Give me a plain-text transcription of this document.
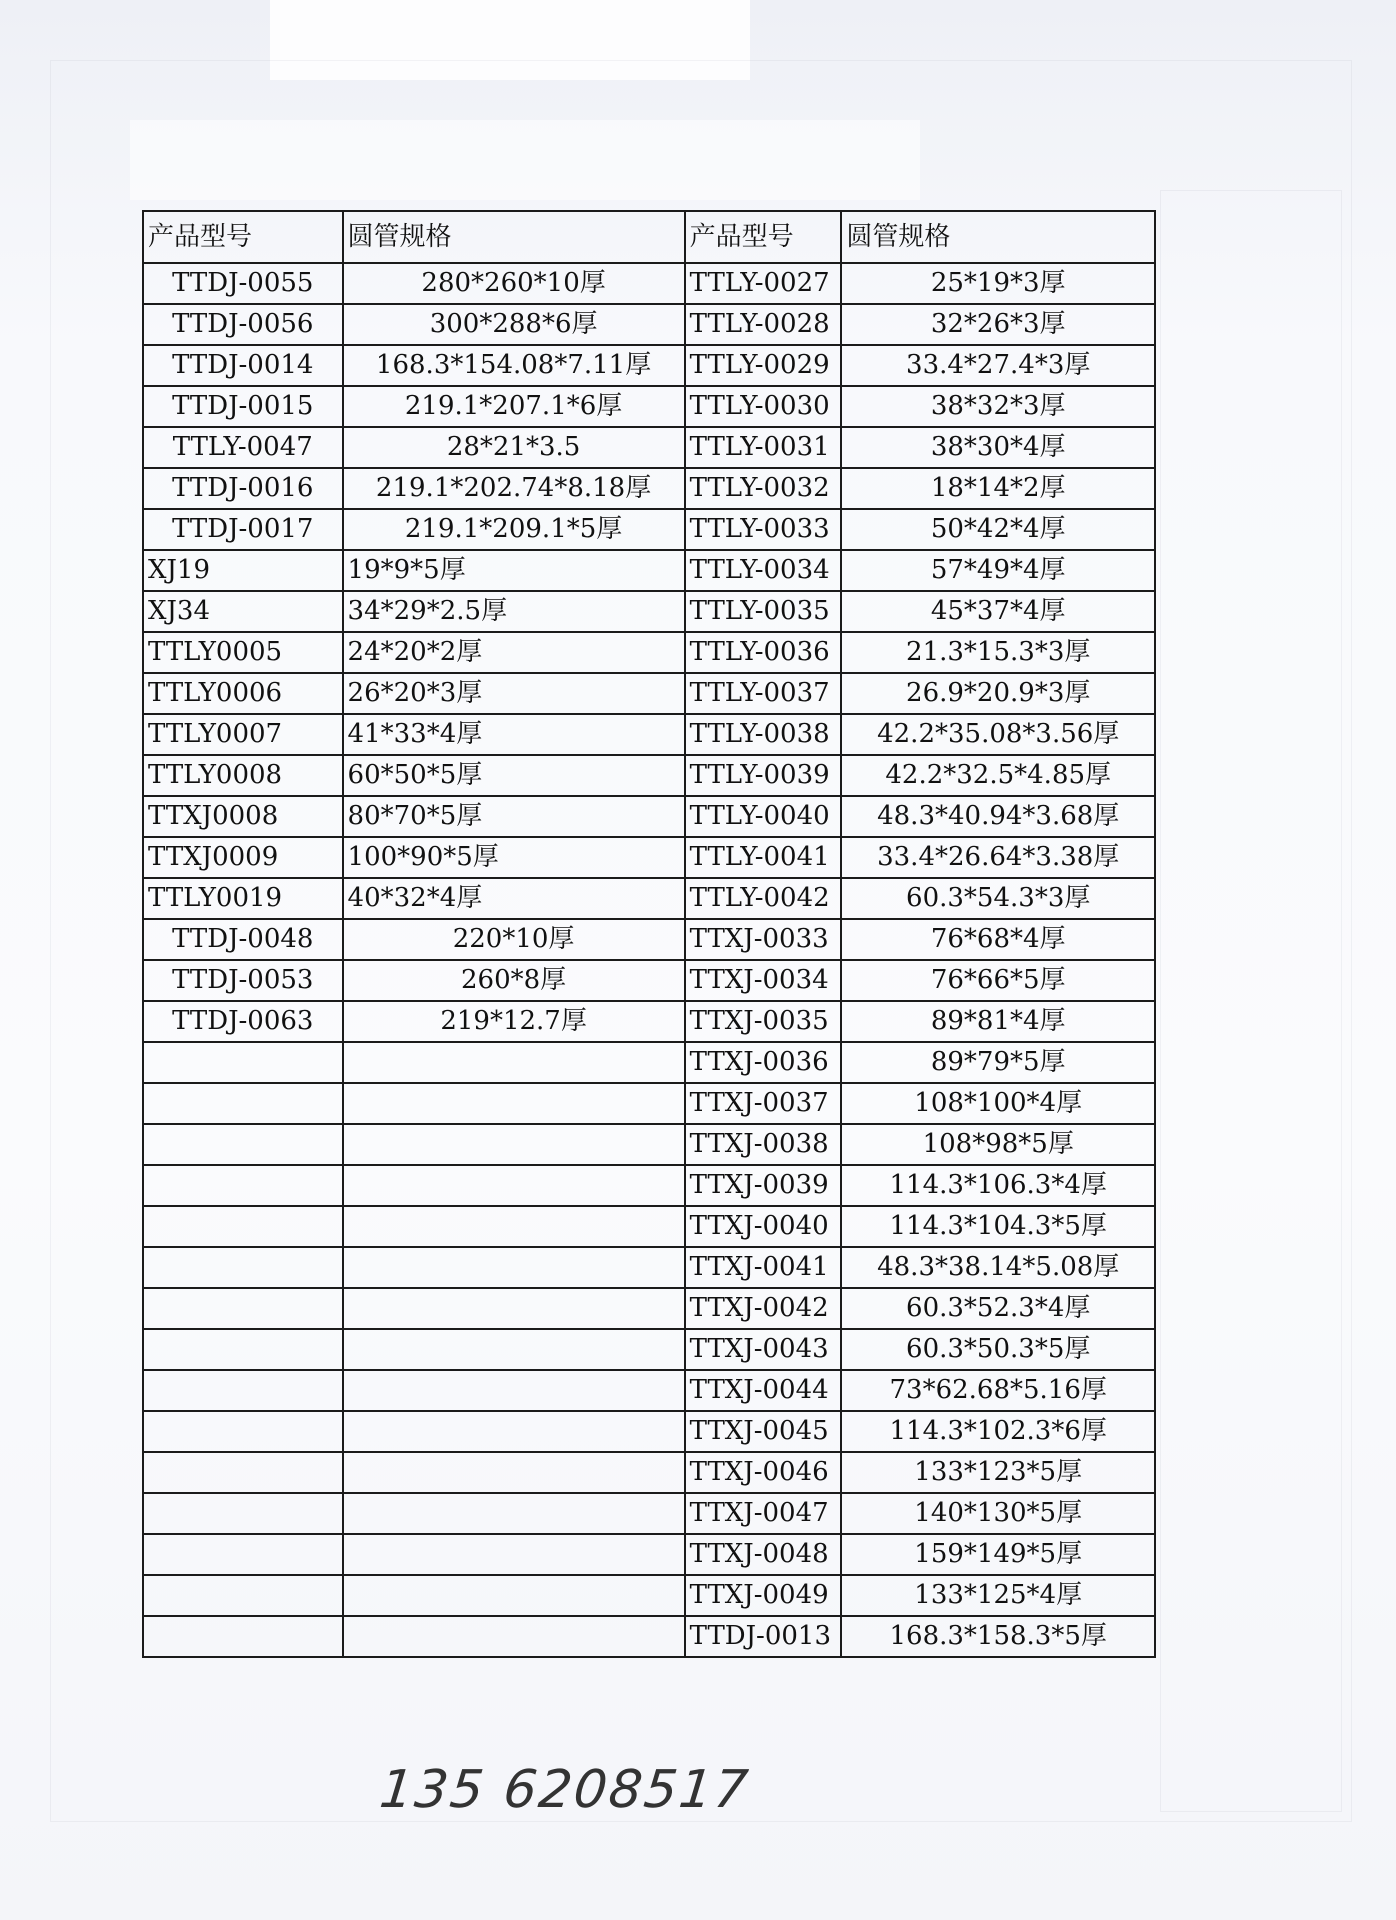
产品型号	圆管规格	产品型号	圆管规格
TTDJ-0055	280*260*10厚	TTLY-0027	25*19*3厚
TTDJ-0056	300*288*6厚	TTLY-0028	32*26*3厚
TTDJ-0014	168.3*154.08*7.11厚	TTLY-0029	33.4*27.4*3厚
TTDJ-0015	219.1*207.1*6厚	TTLY-0030	38*32*3厚
TTLY-0047	28*21*3.5	TTLY-0031	38*30*4厚
TTDJ-0016	219.1*202.74*8.18厚	TTLY-0032	18*14*2厚
TTDJ-0017	219.1*209.1*5厚	TTLY-0033	50*42*4厚
XJ19	19*9*5厚	TTLY-0034	57*49*4厚
XJ34	34*29*2.5厚	TTLY-0035	45*37*4厚
TTLY0005	24*20*2厚	TTLY-0036	21.3*15.3*3厚
TTLY0006	26*20*3厚	TTLY-0037	26.9*20.9*3厚
TTLY0007	41*33*4厚	TTLY-0038	42.2*35.08*3.56厚
TTLY0008	60*50*5厚	TTLY-0039	42.2*32.5*4.85厚
TTXJ0008	80*70*5厚	TTLY-0040	48.3*40.94*3.68厚
TTXJ0009	100*90*5厚	TTLY-0041	33.4*26.64*3.38厚
TTLY0019	40*32*4厚	TTLY-0042	60.3*54.3*3厚
TTDJ-0048	220*10厚	TTXJ-0033	76*68*4厚
TTDJ-0053	260*8厚	TTXJ-0034	76*66*5厚
TTDJ-0063	219*12.7厚	TTXJ-0035	89*81*4厚
		TTXJ-0036	89*79*5厚
		TTXJ-0037	108*100*4厚
		TTXJ-0038	108*98*5厚
		TTXJ-0039	114.3*106.3*4厚
		TTXJ-0040	114.3*104.3*5厚
		TTXJ-0041	48.3*38.14*5.08厚
		TTXJ-0042	60.3*52.3*4厚
		TTXJ-0043	60.3*50.3*5厚
		TTXJ-0044	73*62.68*5.16厚
		TTXJ-0045	114.3*102.3*6厚
		TTXJ-0046	133*123*5厚
		TTXJ-0047	140*130*5厚
		TTXJ-0048	159*149*5厚
		TTXJ-0049	133*125*4厚
		TTDJ-0013	168.3*158.3*5厚
135 6208517
